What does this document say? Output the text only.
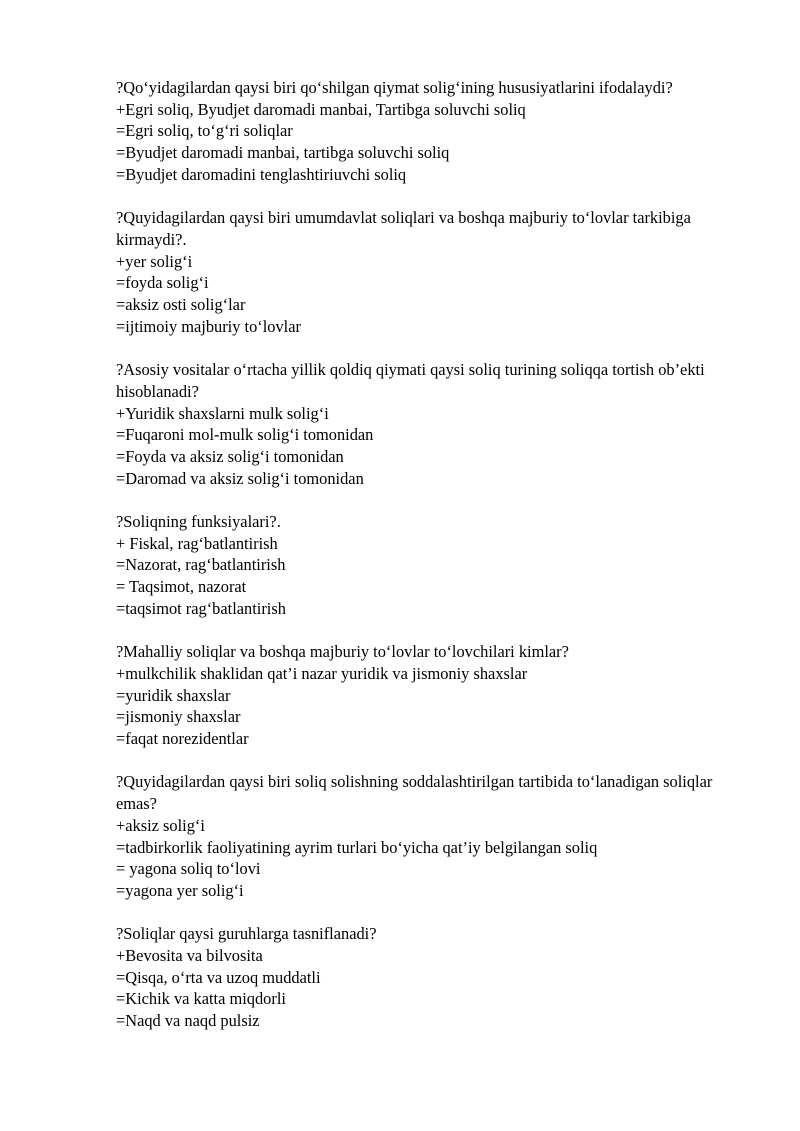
?Qo‘yidagilardan qaysi biri qo‘shilgan qiymat solig‘ining hususiyatlarini ifodalaydi?
+Egri soliq, Byudjet daromadi manbai, Tartibga soluvchi soliq
=Egri soliq, to‘g‘ri soliqlar
=Byudjet daromadi manbai, tartibga soluvchi soliq
=Byudjet daromadini tenglashtiriuvchi soliq
?Quyidagilardan qaysi biri umumdavlat soliqlari va boshqa majburiy to‘lovlar tarkibiga kirmaydi?.
+yer solig‘i
=foyda solig‘i
=aksiz osti solig‘lar
=ijtimoiy majburiy to‘lovlar
?Asosiy vositalar o‘rtacha yillik qoldiq qiymati qaysi soliq turining soliqqa tortish ob’ekti hisoblanadi?
+Yuridik shaxslarni mulk solig‘i
=Fuqaroni mol-mulk solig‘i tomonidan
=Foyda va aksiz solig‘i tomonidan
=Daromad va aksiz solig‘i tomonidan
?Soliqning funksiyalari?.
+ Fiskal, rag‘batlantirish
=Nazorat, rag‘batlantirish
= Taqsimot, nazorat
=taqsimot rag‘batlantirish
?Mahalliy soliqlar va boshqa majburiy to‘lovlar to‘lovchilari kimlar?
+mulkchilik shaklidan qat’i nazar yuridik va jismoniy shaxslar
=yuridik shaxslar
=jismoniy shaxslar
=faqat norezidentlar
?Quyidagilardan qaysi biri soliq solishning soddalashtirilgan tartibida to‘lanadigan soliqlar emas?
+aksiz solig‘i
=tadbirkorlik faoliyatining ayrim turlari bo‘yicha qat’iy belgilangan soliq
= yagona soliq to‘lovi
=yagona yer solig‘i
?Soliqlar qaysi guruhlarga tasniflanadi?
+Bevosita va bilvosita
=Qisqa, o‘rta va uzoq muddatli
=Kichik va katta miqdorli
=Naqd va naqd pulsiz
